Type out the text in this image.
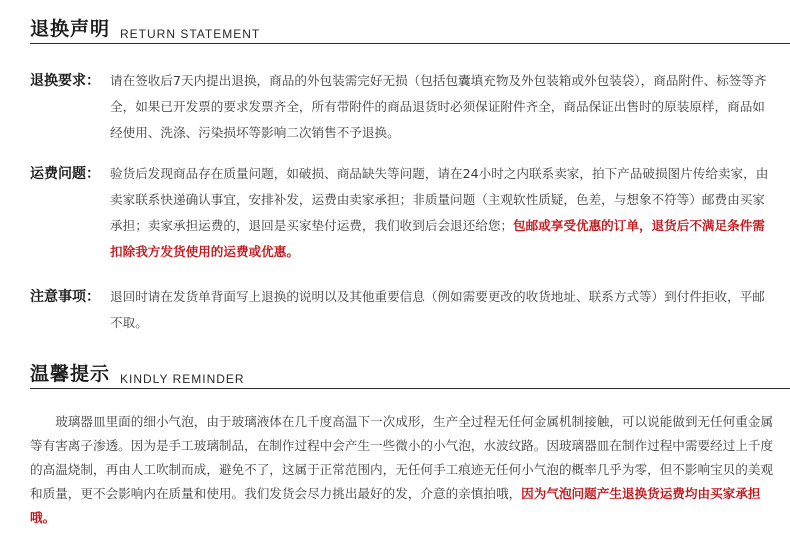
退换声明 RETURN STATEMENT
退换要求： 请在签收后7天内提出退换，商品的外包装需完好无损（包括包囊填充物及外包装箱或外包装袋），商品附件、标签等齐全，如果已开发票的要求发票齐全，所有带附件的商品退货时必须保证附件齐全，商品保证出售时的原装原样，商品如经使用、洗涤、污染损坏等影响二次销售不予退换。
运费问题： 验货后发现商品存在质量问题，如破损、商品缺失等问题，请在24小时之内联系卖家，拍下产品破损图片传给卖家，由卖家联系快递确认事宜，安排补发，运费由卖家承担；非质量问题（主观软性质疑，色差，与想象不符等）邮费由买家承担；卖家承担运费的，退回是买家垫付运费，我们收到后会退还给您；包邮或享受优惠的订单，退货后不满足条件需扣除我方发货使用的运费或优惠。
注意事项： 退回时请在发货单背面写上退换的说明以及其他重要信息（例如需要更改的收货地址、联系方式等）到付件拒收，平邮不取。
温馨提示 KINDLY REMINDER
玻璃器皿里面的细小气泡，由于玻璃液体在几千度高温下一次成形，生产全过程无任何金属机制接触，可以说能做到无任何重金属等有害离子渗透。因为是手工玻璃制品，在制作过程中会产生一些微小的小气泡，水波纹路。因玻璃器皿在制作过程中需要经过上千度的高温烧制，再由人工吹制而成，避免不了，这属于正常范围内，无任何手工痕迹无任何小气泡的概率几乎为零，但不影响宝贝的美观和质量，更不会影响内在质量和使用。我们发货会尽力挑出最好的发，介意的亲慎拍哦，因为气泡问题产生退换货运费均由买家承担哦。
